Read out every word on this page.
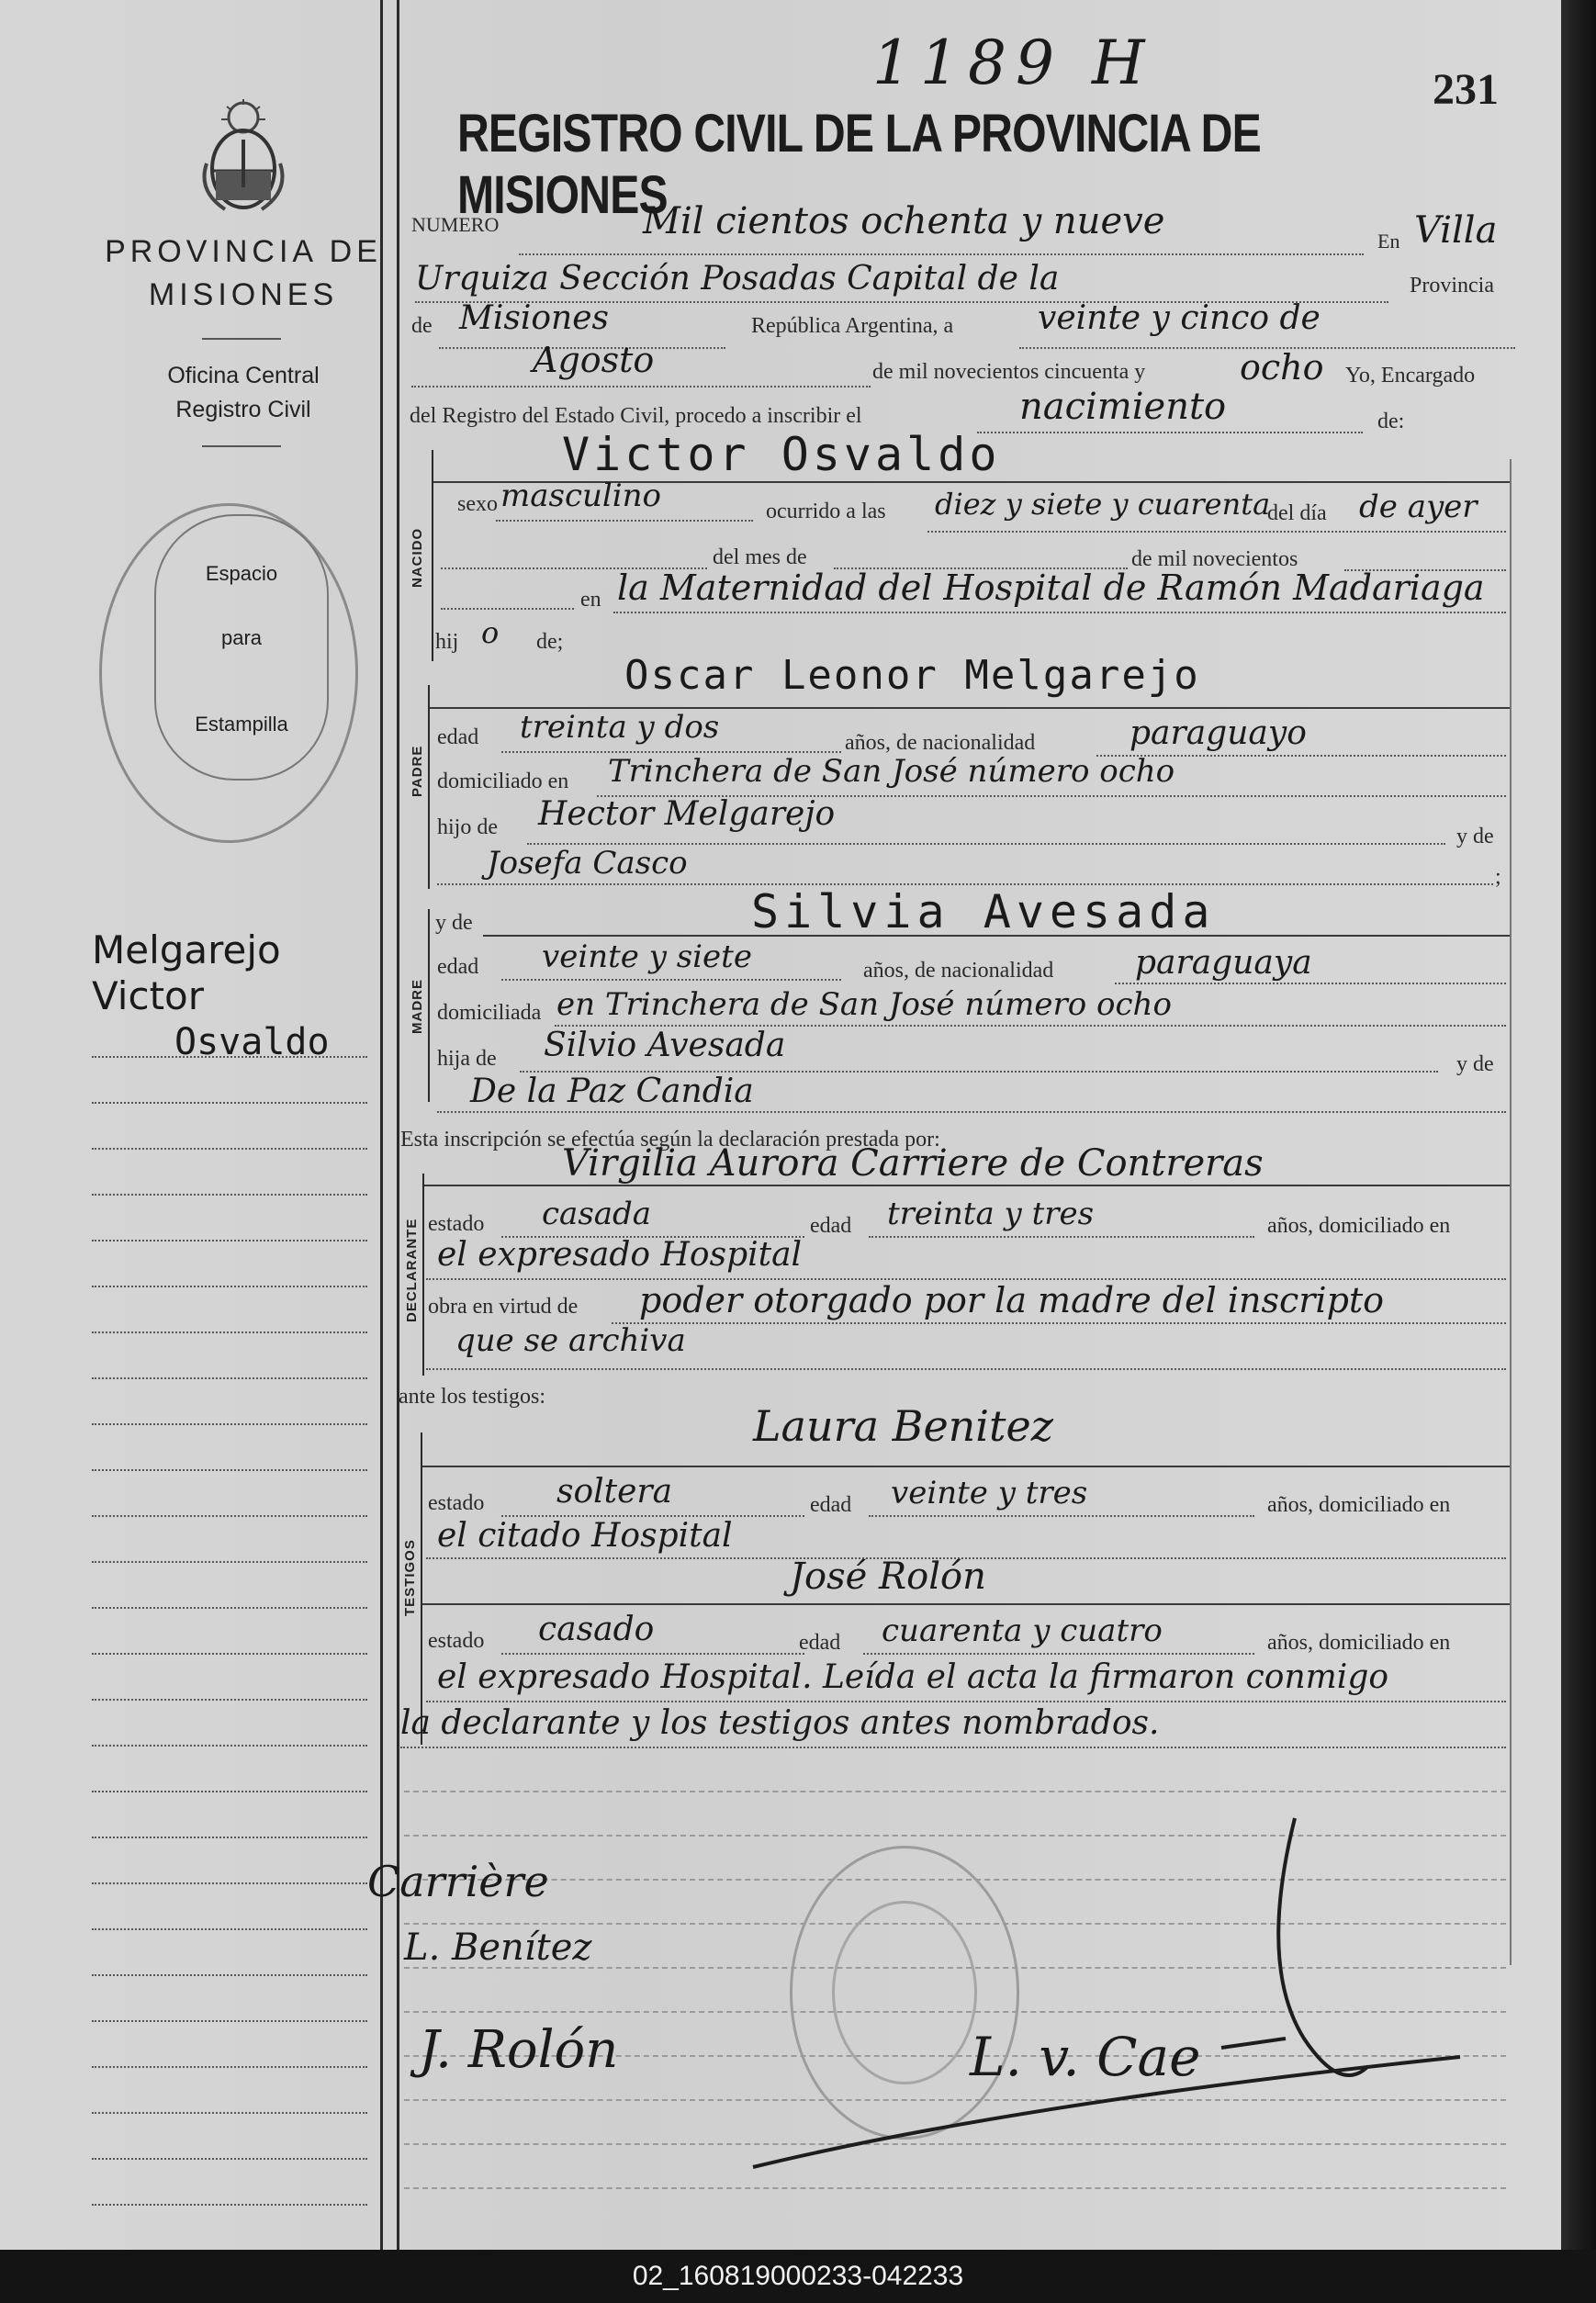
1189 H	231
REGISTRO CIVIL DE LA PROVINCIA DE MISIONES
PROVINCIA DE
MISIONES
Oficina Central
Registro Civil
Espacio
para
Estampilla
Melgarejo
Victor
Osvaldo
NUMERO	Mil cientos ochenta y nueve	En Villa
Urquiza Sección Posadas Capital de la	Provincia
de Misiones	República Argentina, a	veinte y cinco de
Agosto	de mil novecientos cincuenta y	ocho Yo, Encargado
del Registro del Estado Civil, procedo a inscribir el	nacimiento	de:
NACIDO
Victor Osvaldo
sexo masculino	ocurrido a las diez y siete y cuarenta
del día de ayer
del mes de	de mil novecientos
en la Maternidad del Hospital de Ramón Madariaga
hij o de;
PADRE
Oscar Leonor Melgarejo
edad treinta y dos	años, de nacionalidad	paraguayo
domiciliado en Trinchera de San José número ocho
hijo de Hector Melgarejo
y de
Josefa Casco	;
MADRE
y de	Silvia Avesada
edad veinte y siete	años, de nacionalidad paraguaya
domiciliada en Trinchera de San José número ocho
hija de Silvio Avesada	y de
De la Paz Candia
Esta inscripción se efectúa según la declaración prestada por:
DECLARANTE
Virgilia Aurora Carriere de Contreras
estado casada	edad treinta y tres	años, domiciliado en
el expresado Hospital
obra en virtud de poder otorgado por la madre del inscripto
que se archiva
ante los testigos:
TESTIGOS
Laura Benitez
estado soltera	edad veinte y tres	años, domiciliado en
el citado Hospital
José Rolón
estado casado	edad cuarenta y cuatro	años, domiciliado en
el expresado Hospital. Leída el acta la firmaron conmigo
la declarante y los testigos antes nombrados.
Carrière
L. Benítez
J. Rolón	L. v. Cae
02_160819000233-042233
